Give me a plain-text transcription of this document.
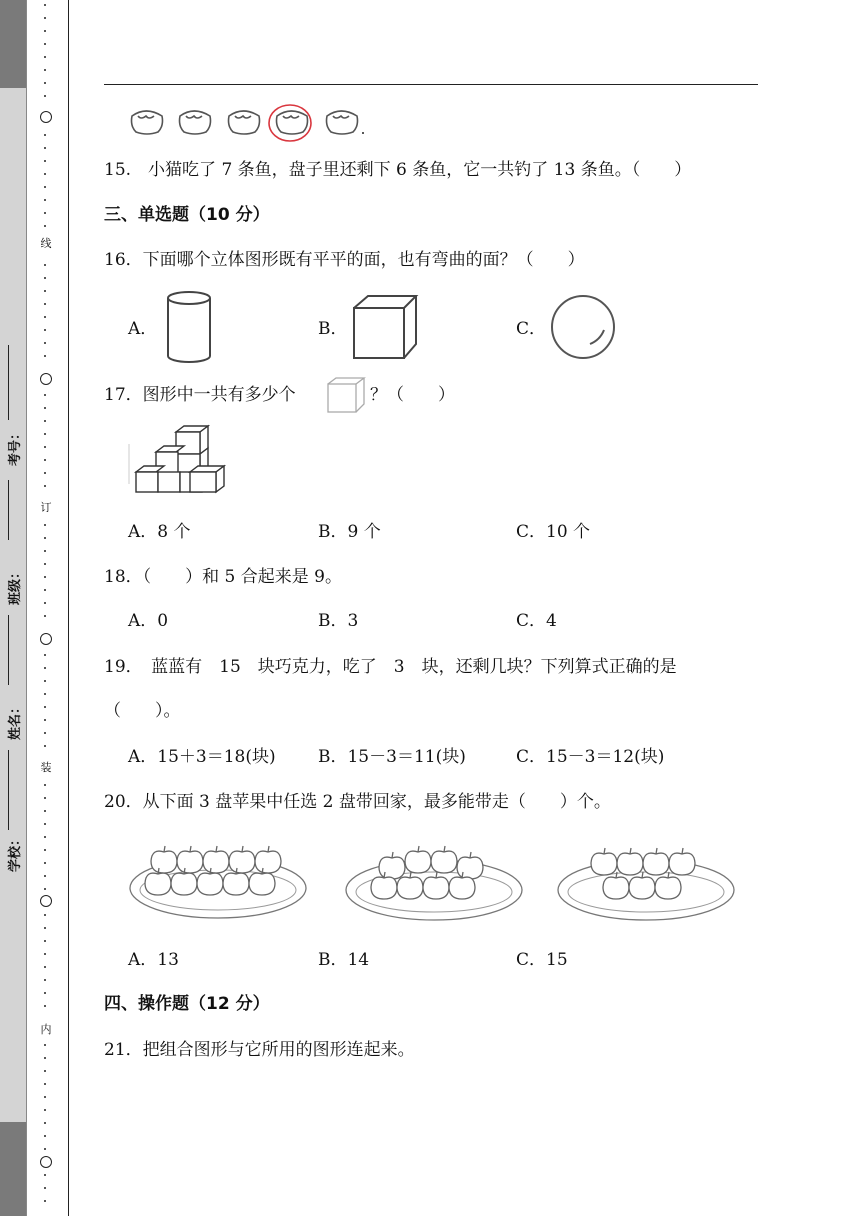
考号：
班级：
姓名：
学校：
线
订
装
内
15.　小猫吃了 7 条鱼，盘子里还剩下 6 条鱼，它一共钓了 13 条鱼。（　　）
三、单选题（10 分）
16．下面哪个立体图形既有平平的面，也有弯曲的面？（　　）
A．	B．	C．
17．图形中一共有多少个	？（　　）
A．8 个	B．9 个	C．10 个
18．（　　）和 5 合起来是 9。
A．0	B．3	C．4
19．　蓝蓝有　15　块巧克力，吃了　3　块，还剩几块？下列算式正确的是
（　　）。
A．15＋3＝18(块) B．15－3＝11(块)	C．15－3＝12(块)
20．从下面 3 盘苹果中任选 2 盘带回家，最多能带走（　　）个。
A．13	B．14	C．15
四、操作题（12 分）
21．把组合图形与它所用的图形连起来。
